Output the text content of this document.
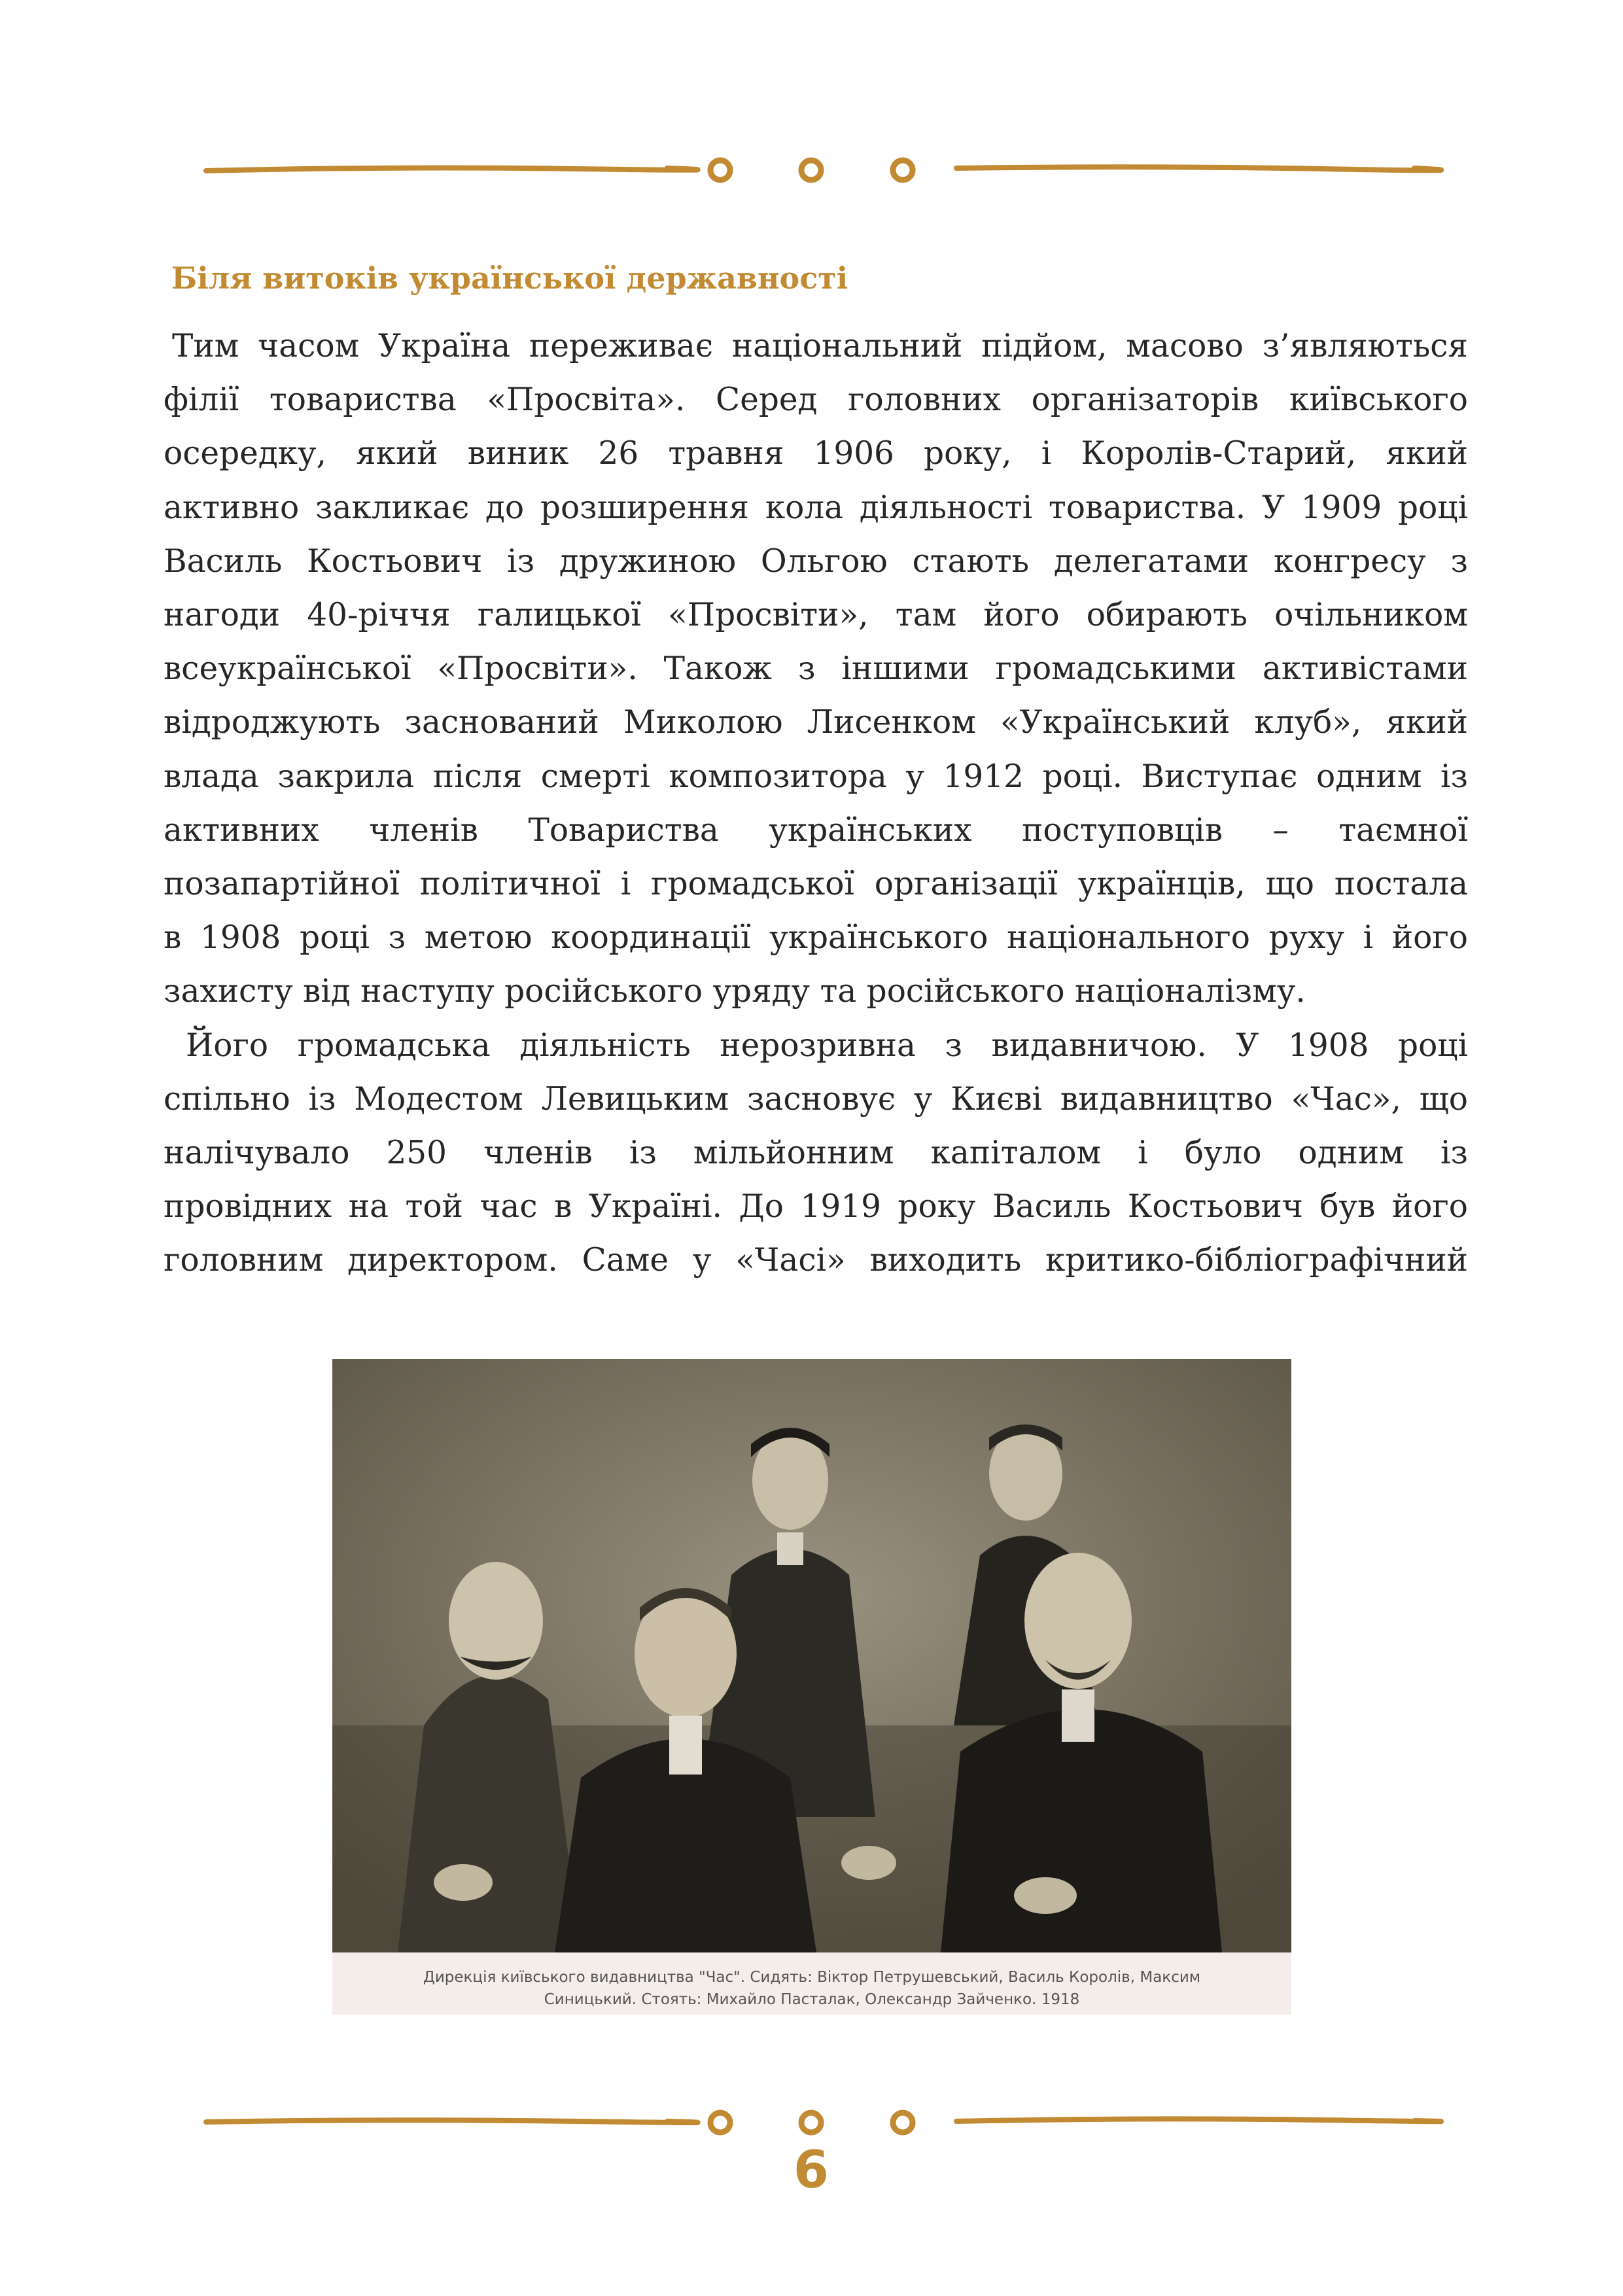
Біля витоків української державності

Тим часом Україна переживає національний підйом, масово з’являються

філії товариства «Просвіта». Серед головних організаторів київського

осередку, який виник 26 травня 1906 року, і Королів-Старий, який

активно закликає до розширення кола діяльності товариства. У 1909 році

Василь Костьович із дружиною Ольгою стають делегатами конгресу з

нагоди 40-річчя галицької «Просвіти», там його обирають очільником

всеукраїнської «Просвіти». Також з іншими громадськими активістами

відроджують заснований Миколою Лисенком «Український клуб», який

влада закрила після смерті композитора у 1912 році. Виступає одним із

активних членів Товариства українських поступовців – таємної

позапартійної політичної і громадської організації українців, що постала

в 1908 році з метою координації українського національного руху і його

захисту від наступу російського уряду та російського націоналізму.

Його громадська діяльність нерозривна з видавничою. У 1908 році

спільно із Модестом Левицьким засновує у Києві видавництво «Час», що

налічувало 250 членів із мільйонним капіталом і було одним із

провідних на той час в Україні. До 1919 року Василь Костьович був його

головним директором. Саме у «Часі» виходить критико-бібліографічний

Дирекція київського видавництва "Час". Сидять: Віктор Петрушевський, Василь Королів, Максим
Синицький. Стоять: Михайло Пасталак, Олександр Зайченко. 1918
6
